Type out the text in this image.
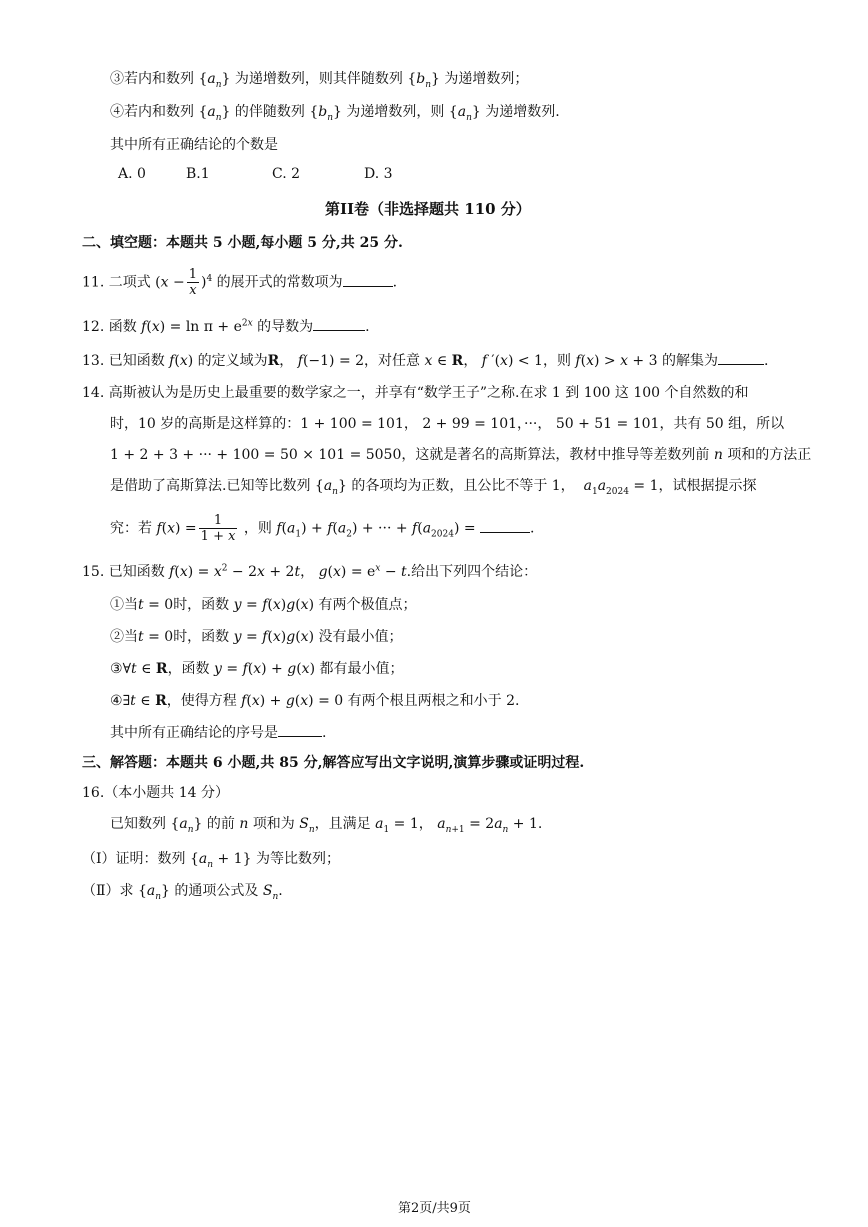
③若内和数列 $\{a_n\}$ 为递增数列，则其伴随数列 $\{b_n\}$ 为递增数列；
④若内和数列 $\{a_n\}$ 的伴随数列 $\{b_n\}$ 为递增数列，则 $\{a_n\}$ 为递增数列.
其中所有正确结论的个数是
A. 0	B.1	C. 2	D. 3
第II卷（非选择题共 110 分）
二、填空题：本题共 5 小题,每小题 5 分,共 25 分.
11. 二项式 $(x - \frac{1}{x} )^4$ 的展开式的常数项为	.
12. 函数 $f(x) = \ln \pi + e^{2x}$ 的导数为	.
13. 已知函数 f(x) 的定义域为R， f(−1) = 2，对任意 x ∈ R， f ′(x) < 1，则 f(x) > x + 3 的解集为	.
14. 高斯被认为是历史上最重要的数学家之一，并享有“数学王子”之称.在求 1 到 100 这 100 个自然数的和
时，10 岁的高斯是这样算的：1 + 100 = 101， 2 + 99 = 101，···， 50 + 51 = 101，共有 50 组，所以
1 + 2 + 3 + ··· + 100 = 50 × 101 = 5050，这就是著名的高斯算法，教材中推导等差数列前 n 项和的方法正
是借助了高斯算法.已知等比数列 $\{a_n\}$ 的各项均为正数，且公比不等于 1， $a_1a_{2024} = 1$，试根据提示探
究：若 $f(x) = \frac{1}{1 + x}$ ，则 $f(a_1) + f(a_2)$ + ··· + $f(a_{2024})$ =	.
15. 已知函数 $f(x) = x^2 - 2x + 2t$， $g(x) = e^x - t$.给出下列四个结论：
①当t = 0时，函数 y = f(x)g(x) 有两个极值点；
②当t = 0时，函数 y = f(x)g(x) 没有最小值；
③∀t ∈ R，函数 y = f(x) + g(x) 都有最小值；
④∃t ∈ R，使得方程 f(x) + g(x) = 0 有两个根且两根之和小于 2.
其中所有正确结论的序号是	.
三、解答题：本题共 6 小题,共 85 分,解答应写出文字说明,演算步骤或证明过程.
16.（本小题共 14 分）
已知数列 $\{a_n\}$ 的前 n 项和为 $S_n$，且满足 $a_1 = 1$， $a_{n+1} = 2a_n + 1$.
（Ⅰ）证明：数列 $\{a_n + 1\}$ 为等比数列；
（Ⅱ）求 $\{a_n\}$ 的通项公式及 $S_n$.
第2页/共9页
